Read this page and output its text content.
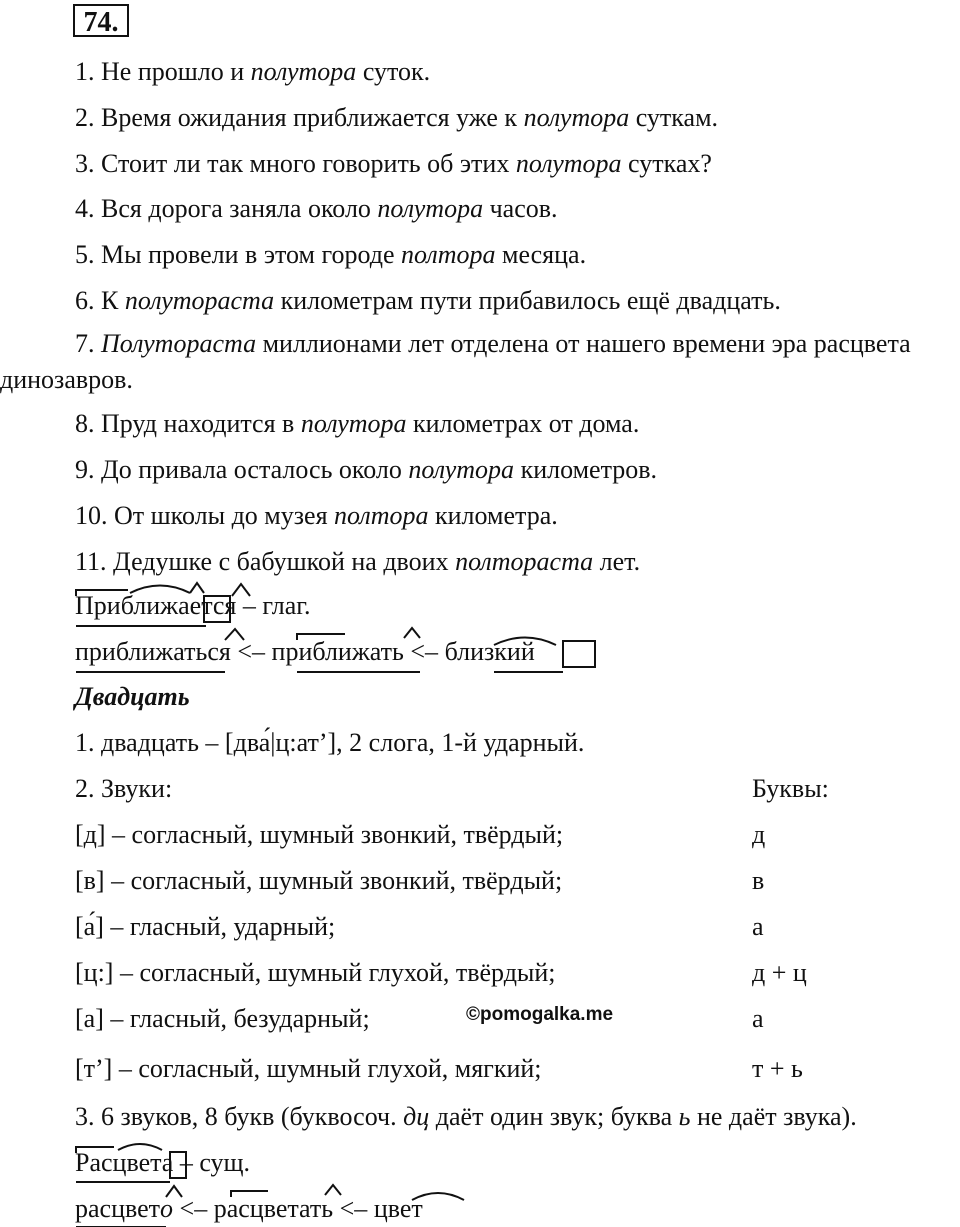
74.
1. Не прошло и полутора суток.
2. Время ожидания приближается уже к полутора суткам.
3. Стоит ли так много говорить об этих полутора сутках?
4. Вся дорога заняла около полутора часов.
5. Мы провели в этом городе полтора месяца.
6. К полутораста километрам пути прибавилось ещё двадцать.
7. Полутораста миллионами лет отделена от нашего времени эра расцвета динозавров.
8. Пруд находится в полутора километрах от дома.
9. До привала осталось около полутора километров.
10. От школы до музея полтора километра.
11. Дедушке с бабушкой на двоих полтораста лет.
Приближается – глаг.
приближаться <– приближать <– близкий
Двадцать
1. двадцать – [два́|ц:ат’], 2 слога, 1-й ударный.
2. Звуки:	Буквы:
[д] – согласный, шумный звонкий, твёрдый;	д
[в] – согласный, шумный звонкий, твёрдый;	в
[а́] – гласный, ударный;	а
[ц:] – согласный, шумный глухой, твёрдый;	д + ц
[а] – гласный, безударный;	а
[т’] – согласный, шумный глухой, мягкий;	т + ь
©pomogalka.me
3. 6 звуков, 8 букв (буквосоч. дц даёт один звук; буква ь не даёт звука).
Расцвета – сущ.
расцвето <– расцветать <– цвет
